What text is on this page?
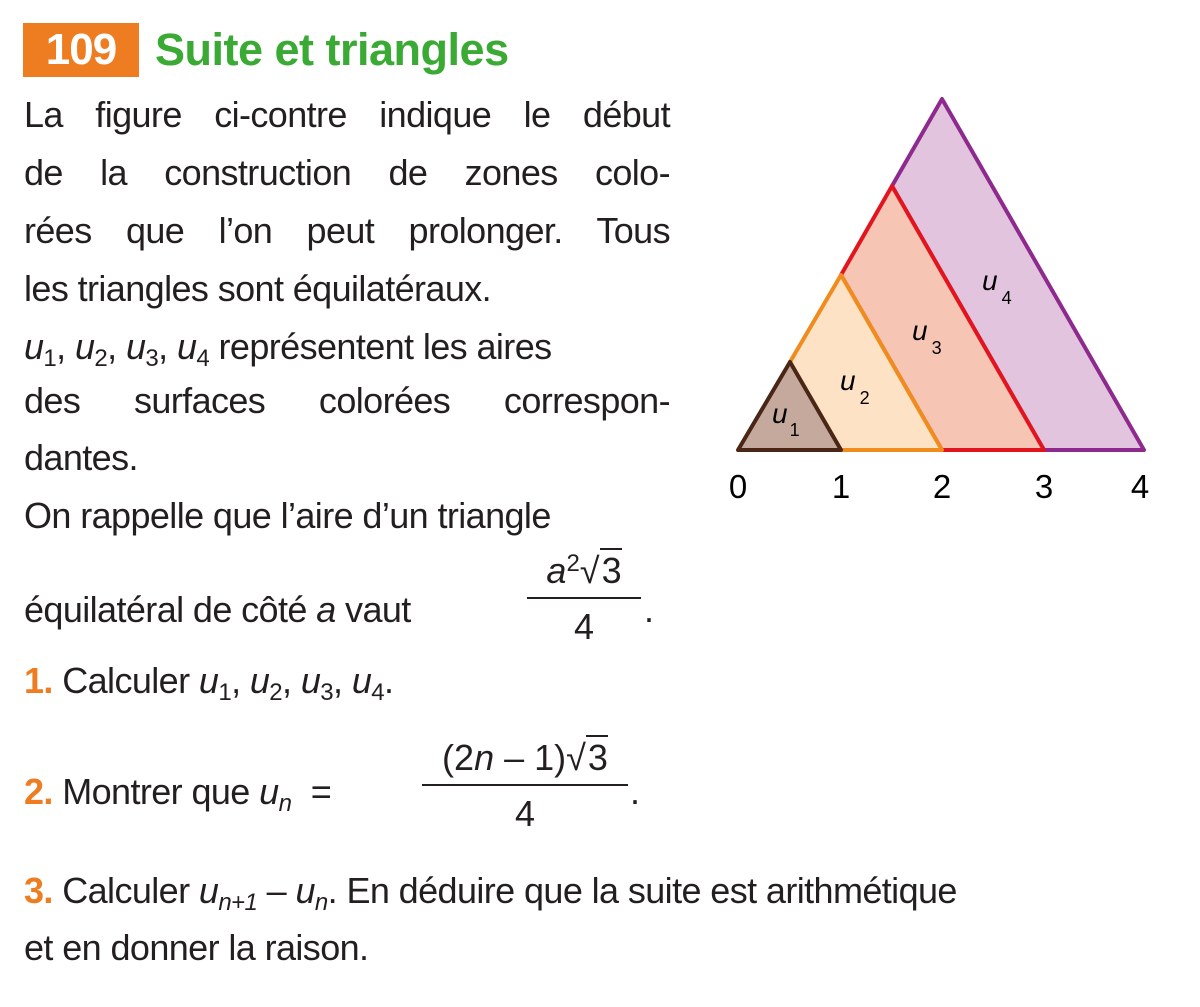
109 Suite et triangles
La figure ci-contre indique le début
de la construction de zones colo-
rées que l’on peut prolonger. Tous
les triangles sont équilatéraux.
$u_1$, $u_2$, $u_3$, $u_4$ représentent les aires
des surfaces colorées correspon-
dantes.
On rappelle que l’aire d’un triangle
équilatéral de côté a vaut
$a^2√3$
4	.
1. Calculer $u_1$, $u_2$, $u_3$, $u_4$.
2. Montrer que $u_n$ =
(2n – 1)√3
4
.
3. Calculer $u_{n+1} - u_n$. En déduire que la suite est arithmétique
et en donner la raison.
$u_1$
$u_2$
$u_3$
$u_4$
0	1	2	3 4
